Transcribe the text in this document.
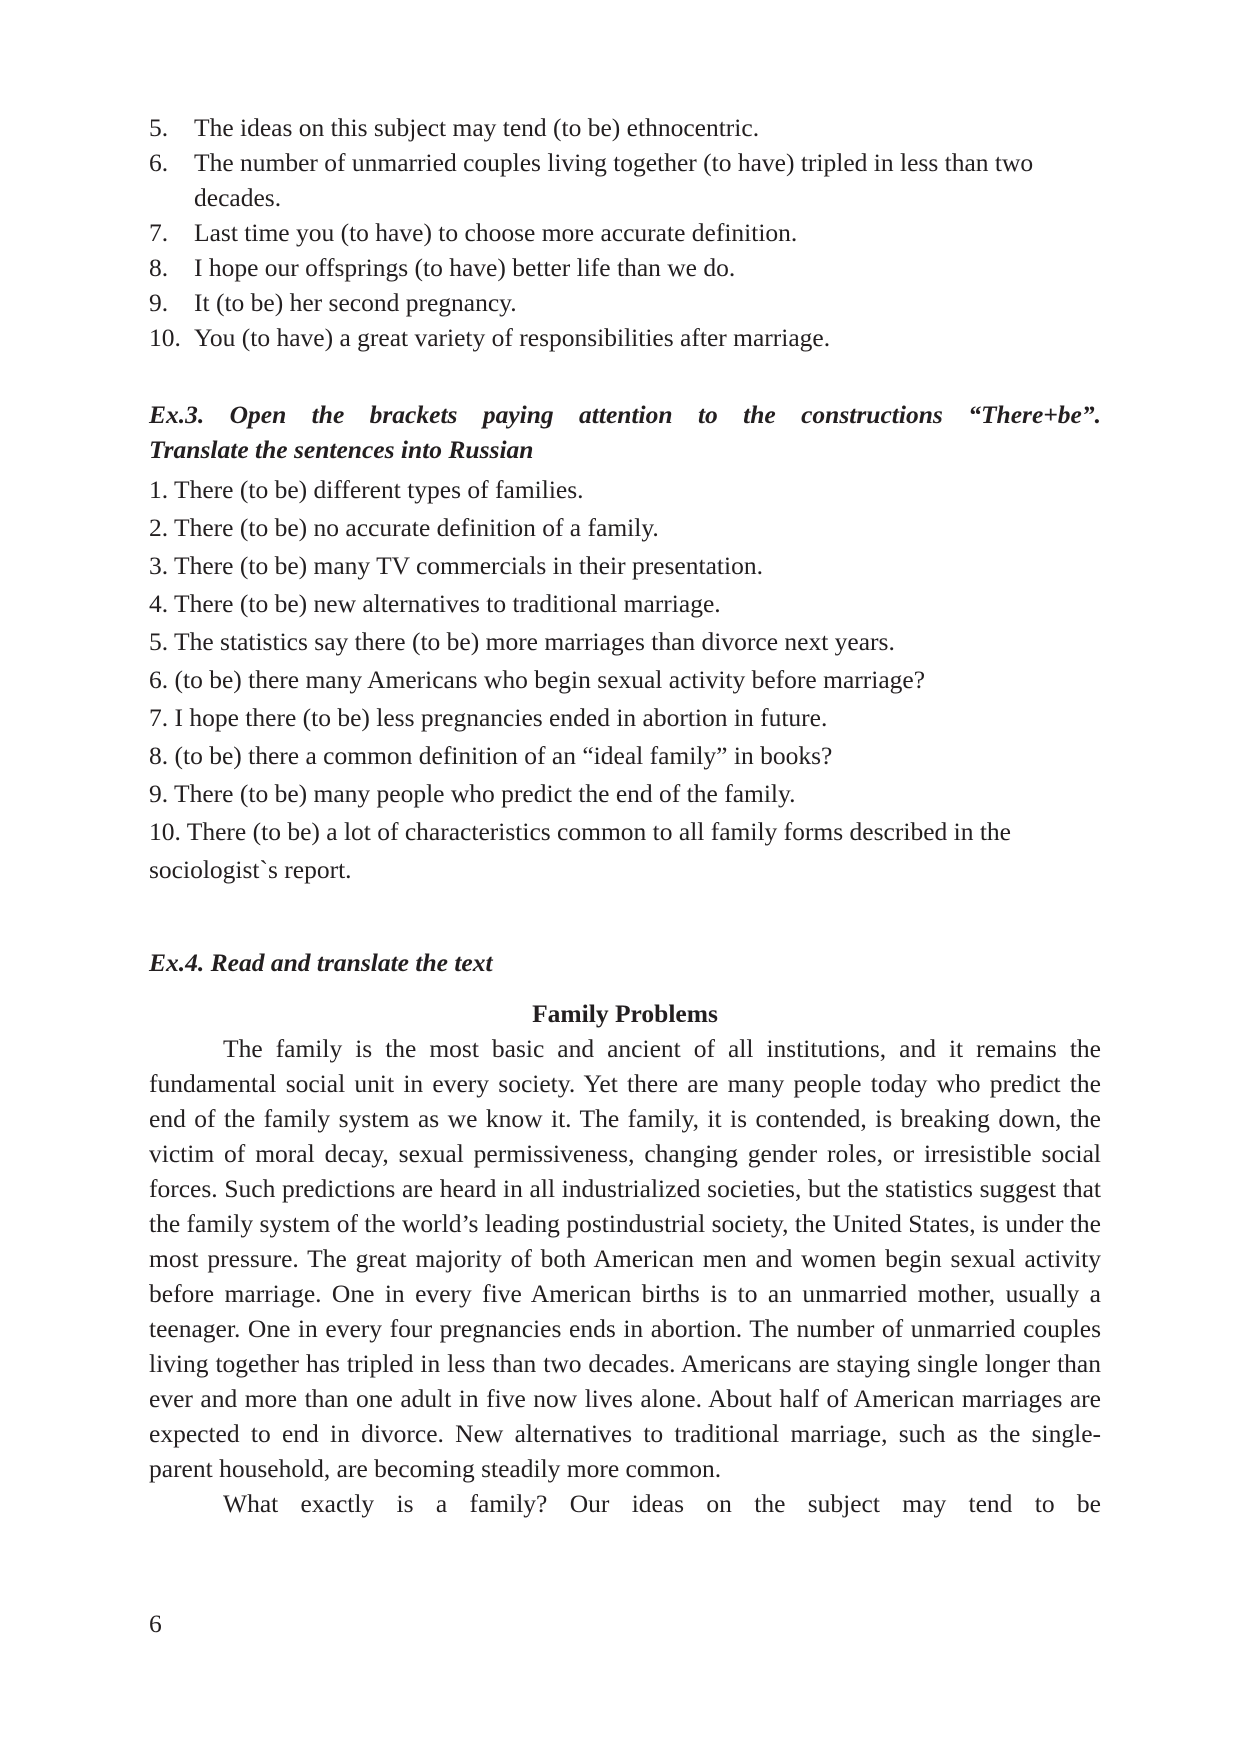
5.	The ideas on this subject may tend (to be) ethnocentric.
6.	The number of unmarried couples living together (to have) tripled in less than two decades.
7.	Last time you (to have) to choose more accurate definition.
8.	I hope our offsprings (to have) better life than we do.
9.	It (to be) her second pregnancy.
10. You (to have) a great variety of responsibilities after marriage.
Ex.3. Open the brackets paying attention to the constructions “There+be”.
Translate the sentences into Russian
1. There (to be) different types of families.
2. There (to be) no accurate definition of a family.
3. There (to be) many TV commercials in their presentation.
4. There (to be) new alternatives to traditional marriage.
5. The statistics say there (to be) more marriages than divorce next years.
6. (to be) there many Americans who begin sexual activity before marriage?
7. I hope there (to be) less pregnancies ended in abortion in future.
8. (to be) there a common definition of an “ideal family” in books?
9. There (to be) many people who predict the end of the family.
10. There (to be) a lot of characteristics common to all family forms described in the sociologist`s report.
Ex.4. Read and translate the text
Family Problems

The family is the most basic and ancient of all institutions, and it remains the fundamental social unit in every society. Yet there are many people today who predict the end of the family system as we know it. The family, it is contended, is breaking down, the victim of moral decay, sexual permissiveness, changing gender roles, or irresistible social forces. Such predictions are heard in all industrialized societies, but the statistics suggest that the family system of the world’s leading postindustrial society, the United States, is under the most pressure. The great majority of both American men and women begin sexual activity before marriage. One in every five American births is to an unmarried mother, usually a teenager. One in every four pregnancies ends in abortion. The number of unmarried couples living together has tripled in less than two decades. Americans are staying single longer than ever and more than one adult in five now lives alone. About half of American marriages are expected to end in divorce. New alternatives to traditional marriage, such as the single-parent household, are becoming steadily more common.

What exactly is a family? Our ideas on the subject may tend to be

6
